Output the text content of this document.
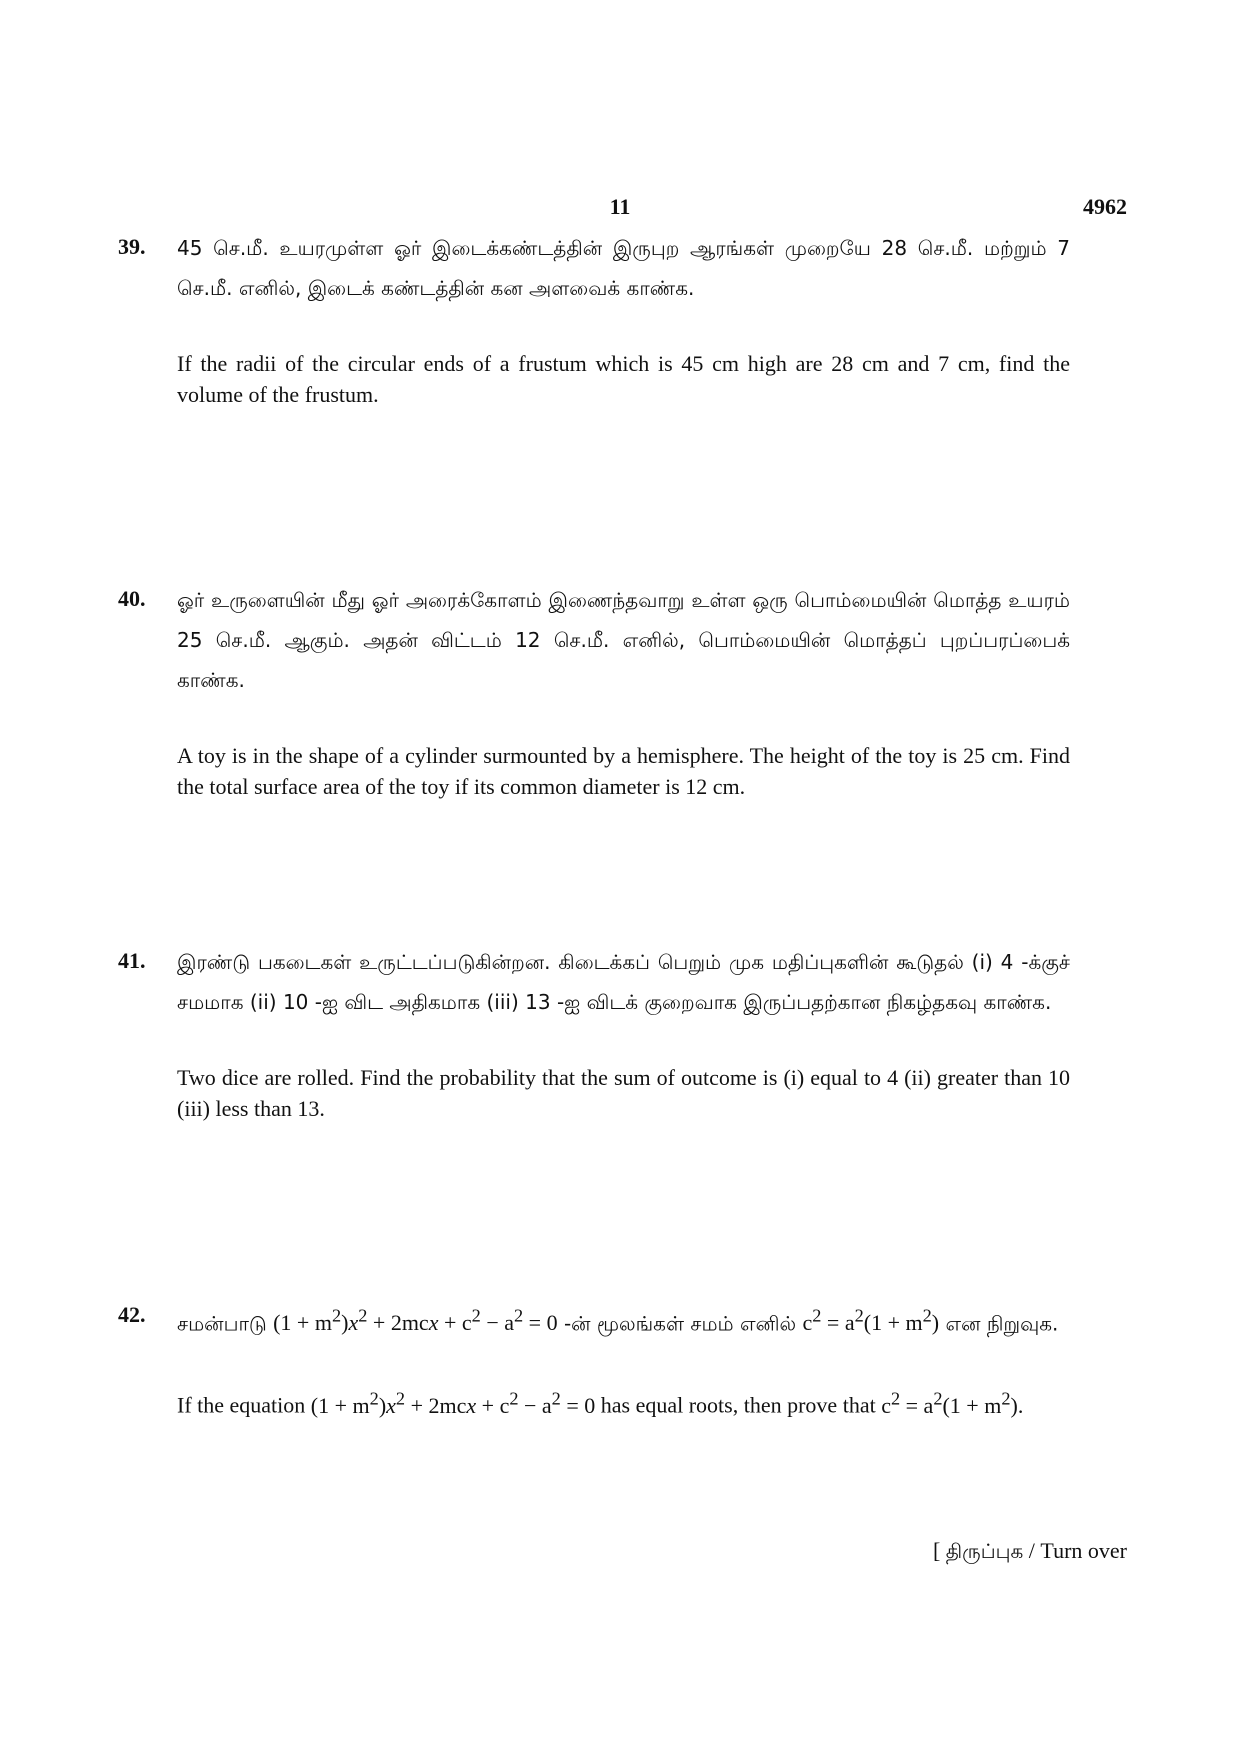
11	4962
39. 45 செ.மீ. உயரமுள்ள ஓர் இடைக்கண்டத்தின் இருபுற ஆரங்கள் முறையே 28 செ.மீ. மற்றும் 7 செ.மீ. எனில், இடைக் கண்டத்தின் கன அளவைக் காண்க.

If the radii of the circular ends of a frustum which is 45 cm high are 28 cm and 7 cm, find the volume of the frustum.

40. ஓர் உருளையின் மீது ஓர் அரைக்கோளம் இணைந்தவாறு உள்ள ஒரு பொம்மையின் மொத்த உயரம் 25 செ.மீ. ஆகும். அதன் விட்டம் 12 செ.மீ. எனில், பொம்மையின் மொத்தப் புறப்பரப்பைக் காண்க.

A toy is in the shape of a cylinder surmounted by a hemisphere. The height of the toy is 25 cm. Find the total surface area of the toy if its common diameter is 12 cm.

41. இரண்டு பகடைகள் உருட்டப்படுகின்றன. கிடைக்கப் பெறும் முக மதிப்புகளின் கூடுதல் (i) 4 -க்குச் சமமாக (ii) 10 -ஐ விட அதிகமாக (iii) 13 -ஐ விடக் குறைவாக இருப்பதற்கான நிகழ்தகவு காண்க.

Two dice are rolled. Find the probability that the sum of outcome is (i) equal to 4 (ii) greater than 10 (iii) less than 13.

42. சமன்பாடு $(1 + m^2)x^2 + 2mcx + c^2 - a^2 = 0$ -ன் மூலங்கள் சமம் எனில் $c^2 = a^2(1 + m^2)$ என நிறுவுக.

If the equation $(1 + m^2)x^2 + 2mcx + c^2 - a^2 = 0$ has equal roots, then prove that $c^2 = a^2(1 + m^2)$.

[ திருப்புக / Turn over
